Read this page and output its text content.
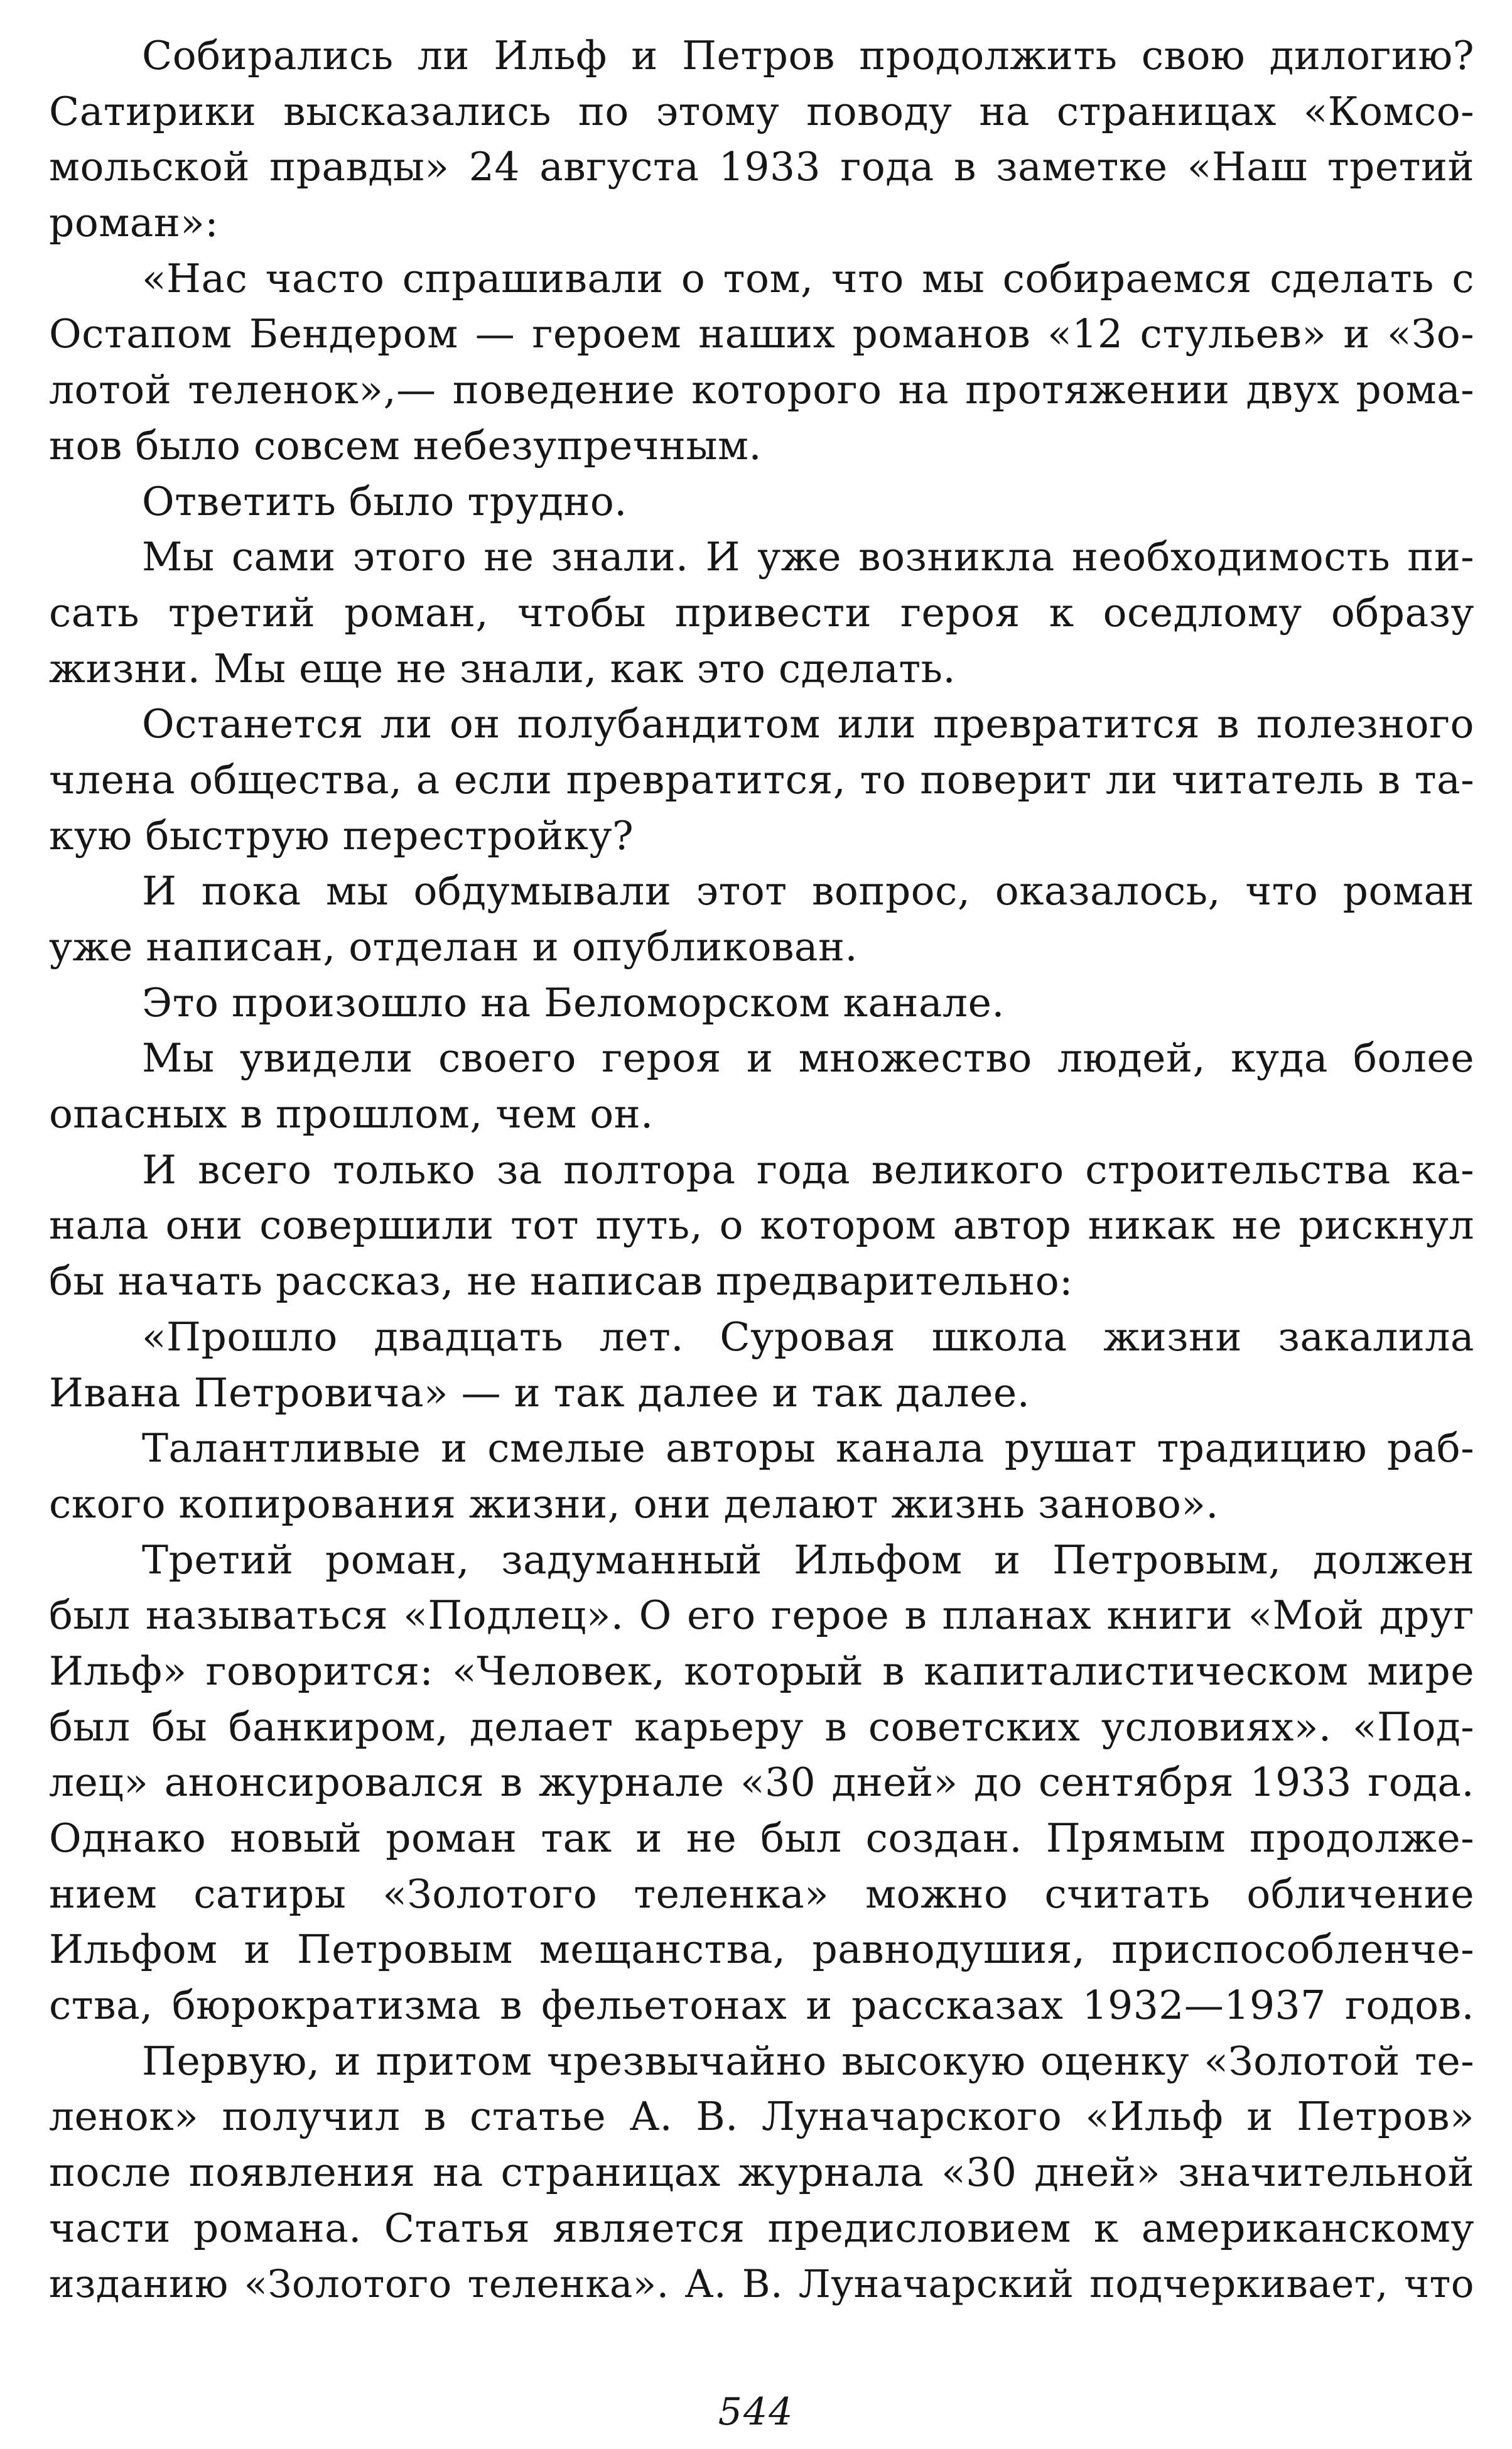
Собирались ли Ильф и Петров продолжить свою дилогию?
Сатирики высказались по этому поводу на страницах «Комсо-
мольской правды» 24 августа 1933 года в заметке «Наш третий
роман»:
«Нас часто спрашивали о том, что мы собираемся сделать с
Остапом Бендером — героем наших романов «12 стульев» и «Зо-
лотой теленок»,— поведение которого на протяжении двух рома-
нов было совсем небезупречным.
Ответить было трудно.
Мы сами этого не знали. И уже возникла необходимость пи-
сать третий роман, чтобы привести героя к оседлому образу
жизни. Мы еще не знали, как это сделать.
Останется ли он полубандитом или превратится в полезного
члена общества, а если превратится, то поверит ли читатель в та-
кую быструю перестройку?
И пока мы обдумывали этот вопрос, оказалось, что роман
уже написан, отделан и опубликован.
Это произошло на Беломорском канале.
Мы увидели своего героя и множество людей, куда более
опасных в прошлом, чем он.
И всего только за полтора года великого строительства ка-
нала они совершили тот путь, о котором автор никак не рискнул
бы начать рассказ, не написав предварительно:
«Прошло двадцать лет. Суровая школа жизни закалила
Ивана Петровича» — и так далее и так далее.
Талантливые и смелые авторы канала рушат традицию раб-
ского копирования жизни, они делают жизнь заново».
Третий роман, задуманный Ильфом и Петровым, должен
был называться «Подлец». О его герое в планах книги «Мой друг
Ильф» говорится: «Человек, который в капиталистическом мире
был бы банкиром, делает карьеру в советских условиях». «Под-
лец» анонсировался в журнале «30 дней» до сентября 1933 года.
Однако новый роман так и не был создан. Прямым продолже-
нием сатиры «Золотого теленка» можно считать обличение
Ильфом и Петровым мещанства, равнодушия, приспособленче-
ства, бюрократизма в фельетонах и рассказах 1932—1937 годов.
Первую, и притом чрезвычайно высокую оценку «Золотой те-
ленок» получил в статье А. В. Луначарского «Ильф и Петров»
после появления на страницах журнала «30 дней» значительной
части романа. Статья является предисловием к американскому
изданию «Золотого теленка». А. В. Луначарский подчеркивает, что
544
